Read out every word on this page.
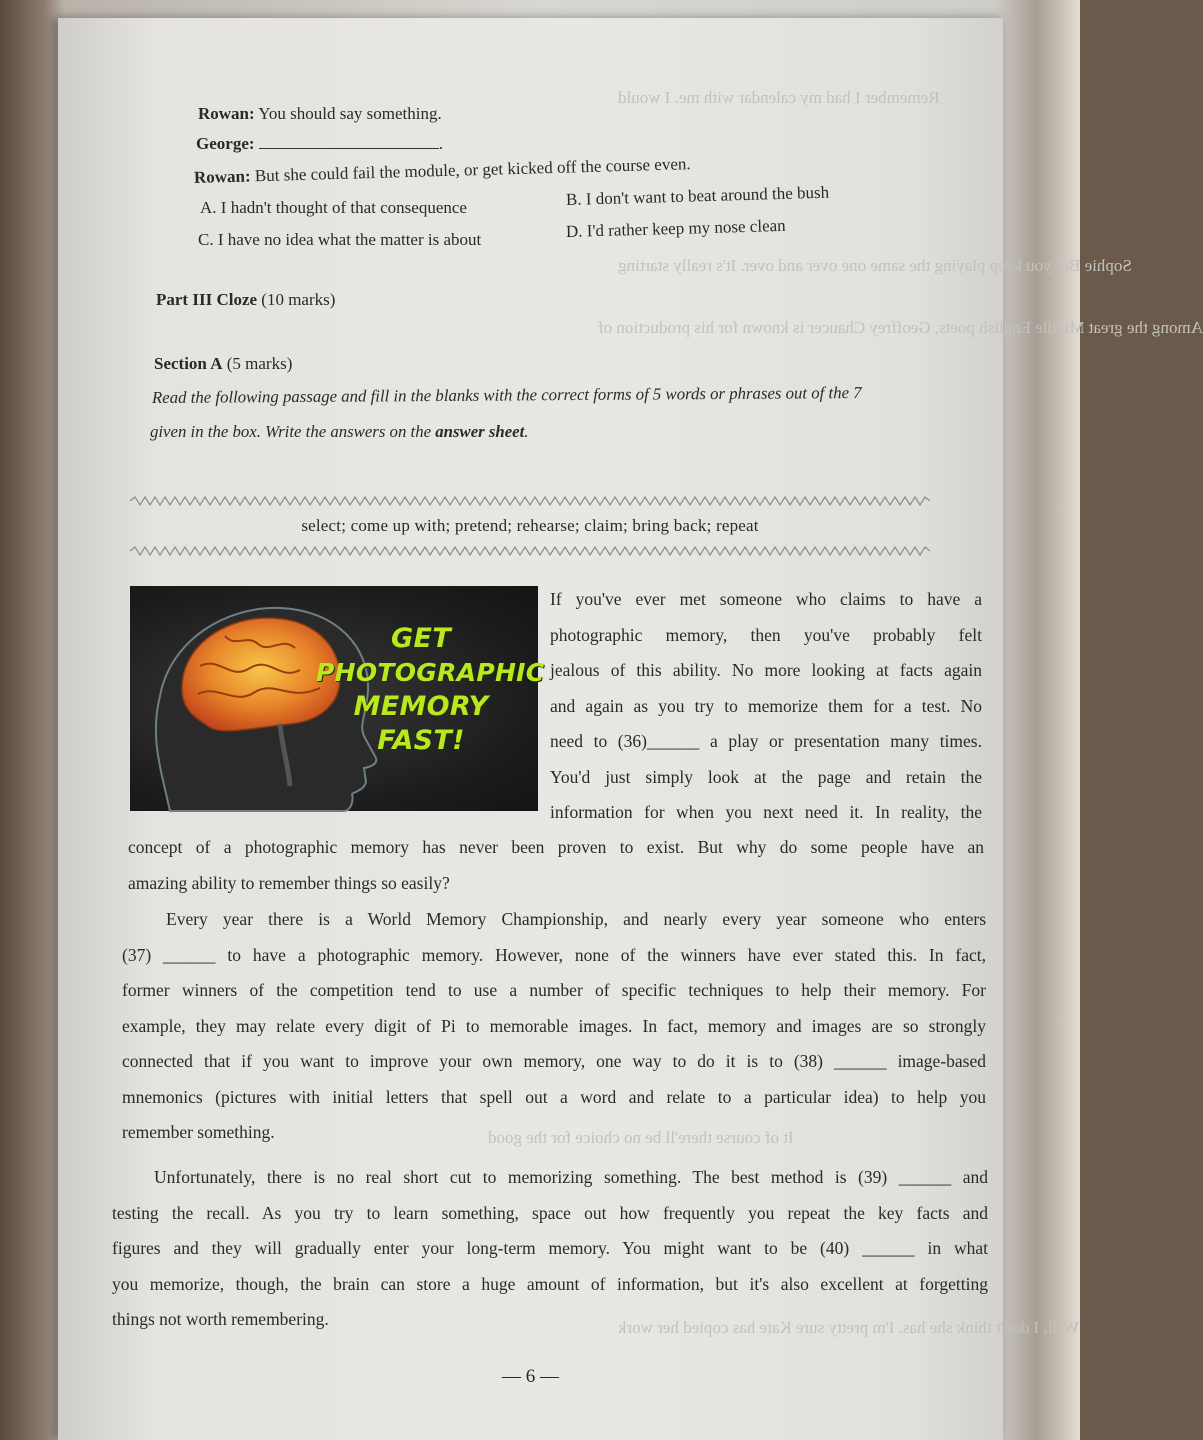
Remember I had my calendar with me. I would
Sophie But you keep playing the same one over and over. It's really starting
Among the great Middle English poets, Geoffrey Chaucer is known for his production of
It of course there'll be no choice for the good
Well, I don't think she has. I'm pretty sure Kate has copied her work
Rowan: You should say something.
George:	.
Rowan: But she could fail the module, or get kicked off the course even.
A. I hadn't thought of that consequence	B. I don't want to beat around the bush
C. I have no idea what the matter is about	D. I'd rather keep my nose clean
Part III Cloze (10 marks)
Section A (5 marks)
Read the following passage and fill in the blanks with the correct forms of 5 words or phrases out of the 7
given in the box. Write the answers on the answer sheet.
select; come up with; pretend; rehearse; claim; bring back; repeat
GET
PHOTOGRAPHIC
MEMORY
FAST!
If you've ever met someone who claims to have a
photographic memory, then you've probably felt
jealous of this ability. No more looking at facts again
and again as you try to memorize them for a test. No
need to (36)______ a play or presentation many times.
You'd just simply look at the page and retain the
information for when you next need it. In reality, the
concept of a photographic memory has never been proven to exist. But why do some people have an
amazing ability to remember things so easily?
Every year there is a World Memory Championship, and nearly every year someone who enters
(37) ______ to have a photographic memory. However, none of the winners have ever stated this. In fact,
former winners of the competition tend to use a number of specific techniques to help their memory. For
example, they may relate every digit of Pi to memorable images. In fact, memory and images are so strongly
connected that if you want to improve your own memory, one way to do it is to (38) ______ image-based
mnemonics (pictures with initial letters that spell out a word and relate to a particular idea) to help you
remember something.
Unfortunately, there is no real short cut to memorizing something. The best method is (39) ______ and
testing the recall. As you try to learn something, space out how frequently you repeat the key facts and
figures and they will gradually enter your long-term memory. You might want to be (40) ______ in what
you memorize, though, the brain can store a huge amount of information, but it's also excellent at forgetting
things not worth remembering.
— 6 —
